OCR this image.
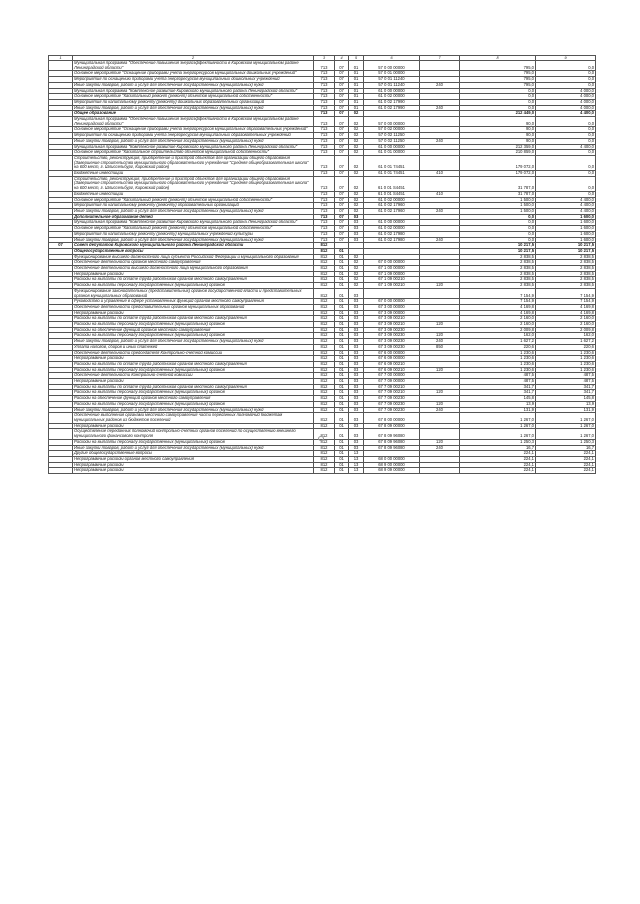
1	2	3	4	5	6	7	8	9
	Муниципальная программа "Обеспечение повышения энергоэффективности в Кировском муниципальном районе Ленинградской области"	713	07	01	57 0 00 00000		795,0	0,0
	Основное мероприятие "Оснащение приборами учета энергоресурсов муниципальных дошкольных учреждений"	713	07	01	57 0 01 00000		795,0	0,0
	Мероприятия по оснащению приборами учета энергоресурсов муниципальных дошкольных учреждений	713	07	01	57 0 01 11240		795,0	0,0
	Иные закупки товаров, работ и услуг для обеспечения государственных (муниципальных) нужд	713	07	01	57 0 01 11240	240	795,0	0,0
	Муниципальная программа "Комплексное развитие Кировского муниципального района Ленинградской области"	713	07	01	61 0 00 00000		0,0	4 000,0
	Основное мероприятие "Капитальный ремонт (ремонт) объектов муниципальной собственности"	713	07	01	61 0 02 00000		0,0	4 000,0
	Мероприятия по капитальному ремонту (ремонту) дошкольных образовательных организаций	713	07	01	61 0 02 17990		0,0	4 000,0
	Иные закупки товаров, работ и услуг для обеспечения государственных (муниципальных) нужд	713	07	01	61 0 02 17990	240	0,0	4 000,0
	Общее образование	713	07	02			212 449,0	4 400,0
	Муниципальная программа "Обеспечение повышения энергоэффективности в Кировском муниципальном районе Ленинградской области"	713	07	02	57 0 00 00000		90,0	0,0
	Основное мероприятие "Оснащение приборами учета энергоресурсов муниципальных образовательных учреждений"	713	07	02	57 0 02 00000		90,0	0,0
	Мероприятия по оснащению приборами учета энергоресурсов муниципальных образовательных учреждений	713	07	02	57 0 02 11250		90,0	0,0
	Иные закупки товаров, работ и услуг для обеспечения государственных (муниципальных) нужд	713	07	02	57 0 02 11250	240	90,0	0,0
	Муниципальная программа "Комплексное развитие Кировского муниципального района Ленинградской области"	713	07	02	61 0 00 00000		212 359,0	4 400,0
	Основное мероприятие "Капитальное строительство объектов муниципальной собственности"	713	07	02	61 0 01 00000		210 859,0	0,0
	Строительство, реконструкция, приобретение и пристрой объектов для организации общего образования (Завершение строительства муниципального образовательного учреждения "Средняя общеобразовательная школа" на 600 мест, г. Шлиссельбург, Кировский район)	713	07	02	61 0 01 74451		179 072,0	0,0
	Бюджетные инвестиции	713	07	02	61 0 01 74451	410	179 072,0	0,0
	Строительство, реконструкция, приобретение и пристрой объектов для организации общего образования (Завершение строительства муниципального образовательного учреждения "Средняя общеобразовательная школа" на 600 мест, г. Шлиссельбург, Кировский район)	713	07	02	61 0 01 S4451		31 787,0	0,0
	Бюджетные инвестиции	713	07	02	61 0 01 S4451	410	31 787,0	0,0
	Основное мероприятие "Капитальный ремонт (ремонт) объектов муниципальной собственности"	713	07	02	61 0 02 00000		1 500,0	4 400,0
	Мероприятия по капитальному ремонту (ремонту) образовательных организаций	713	07	02	61 0 02 17960		1 500,0	4 400,0
	Иные закупки товаров, работ и услуг для обеспечения государственных (муниципальных) нужд	713	07	02	61 0 02 17960	240	1 500,0	4 400,0
	Дополнительное образование детей	713	07	03			0,0	1 600,0
	Муниципальная программа "Комплексное развитие Кировского муниципального района Ленинградской области"	713	07	03	61 0 00 00000		0,0	1 600,0
	Основное мероприятие "Капитальный ремонт (ремонт) объектов муниципальной собственности"	713	07	03	61 0 02 00000		0,0	1 600,0
	Мероприятия по капитальному ремонту (ремонту) муниципальных учреждений культуры	713	07	03	61 0 02 17980		0,0	1 600,0
	Иные закупки товаров, работ и услуг для обеспечения государственных (муниципальных) нужд	713	07	03	61 0 02 17980	240	0,0	1 600,0
07	Совет депутатов Кировского муниципального района Ленинградской области	812					10 217,5	10 217,5
	Общегосударственные вопросы	812	01				10 217,5	10 217,5
	Функционирование высшего должностного лица субъекта Российской Федерации и муниципального образования	812	01	02			2 838,5	2 838,5
	Обеспечение деятельности органов местного самоуправления	812	01	02	67 0 00 00000		2 838,5	2 838,5
	Обеспечение деятельности высшего должностного лица муниципального образования	812	01	02	67 1 00 00000		2 838,5	2 838,5
	Непрограммные расходы	812	01	02	67 1 09 00000		2 838,5	2 838,5
	Расходы на выплаты по оплате труда работников органов местного самоуправления	812	01	02	67 1 09 00210		2 838,5	2 838,5
	Расходы на выплаты персоналу государственных (муниципальных) органов	812	01	02	67 1 09 00210	120	2 838,5	2 838,5
	Функционирование законодательных (представительных) органов государственной власти и представительных органов муниципальных образований	812	01	03			7 154,9	7 154,9
	Руководство и управление в сфере установленных функций органов местного самоуправления	812	01	03	67 0 00 00000		7 154,9	7 154,9
	Обеспечение деятельности представительных органов муниципальных образований	812	01	03	67 3 00 00000		4 169,8	4 169,8
	Непрограммные расходы	812	01	03	67 3 09 00000		4 169,8	4 169,8
	Расходы на выплаты по оплате труда работников органов местного самоуправления	812	01	03	67 3 09 00210		2 160,0	2 160,0
	Расходы на выплаты персоналу государственных (муниципальных) органов	812	01	03	67 3 09 00210	120	2 160,0	2 160,0
	Расходы на обеспечение функций органов местного самоуправления	812	01	03	67 3 09 00230		2 009,8	2 009,8
	Расходы на выплаты персоналу государственных (муниципальных) органов	812	01	03	67 3 09 00230	120	162,0	162,0
	Иные закупки товаров, работ и услуг для обеспечения государственных (муниципальных) нужд	812	01	03	67 3 09 00230	240	1 627,2	1 627,2
	Уплата налогов, сборов и иных платежей	812	01	03	67 3 09 00230	850	220,6	220,6
	Обеспечение деятельности председателя Контрольно-счетной комиссии	812	01	03	67 6 00 00000		1 230,6	1 230,6
	Непрограммные расходы	812	01	03	67 6 09 00000		1 230,6	1 230,6
	Расходы на выплаты по оплате труда работников органов местного самоуправления	812	01	03	67 6 09 00210		1 230,6	1 230,6
	Расходы на выплаты персоналу государственных (муниципальных) органов	812	01	03	67 6 09 00210	120	1 230,6	1 230,6
	Обеспечение деятельности Контрольно-счетной комиссии	812	01	03	67 7 00 00000		487,5	487,5
	Непрограммные расходы	812	01	03	67 7 09 00000		487,5	487,5
	Расходы на выплаты по оплате труда работников органов местного самоуправления	812	01	03	67 7 09 00210		341,7	341,7
	Расходы на выплаты персоналу государственных (муниципальных) органов	812	01	03	67 7 09 00210	120	341,7	341,7
	Расходы на обеспечение функций органов местного самоуправления	812	01	03	67 7 09 00230		145,8	145,8
	Расходы на выплаты персоналу государственных (муниципальных) органов	812	01	03	67 7 09 00230	120	13,9	13,9
	Иные закупки товаров, работ и услуг для обеспечения государственных (муниципальных) нужд	812	01	03	67 7 09 00230	240	131,9	131,9
	Обеспечение выполнения органами местного самоуправления части переданных полномочий бюджетам муниципальных районов из бюджетов поселений	812	01	03	67 8 00 00000		1 267,0	1 267,0
	Непрограммные расходы	812	01	03	67 8 09 00000		1 267,0	1 267,0
	Осуществление переданных полномочий контрольно-счетных органов поселений по осуществлению внешнего муниципального финансового контроля	812	01	03	67 8 09 96080		1 267,0	1 267,0
	Расходы на выплаты персоналу государственных (муниципальных) органов	812	01	03	67 8 09 96080	120	1 250,3	1 250,3
	Иные закупки товаров, работ и услуг для обеспечения государственных (муниципальных) нужд	812	01	03	67 8 09 96080	240	16,7	16,7
	Другие общегосударственные вопросы	812	01	13			224,1	224,1
	Непрограммные расходы органов местного самоуправления	812	01	13	68 0 00 00000		224,1	224,1
	Непрограммные расходы	812	01	13	68 9 00 00000		224,1	224,1
	Непрограммные расходы	812	01	13	68 9 09 00000		224,1	224,1
